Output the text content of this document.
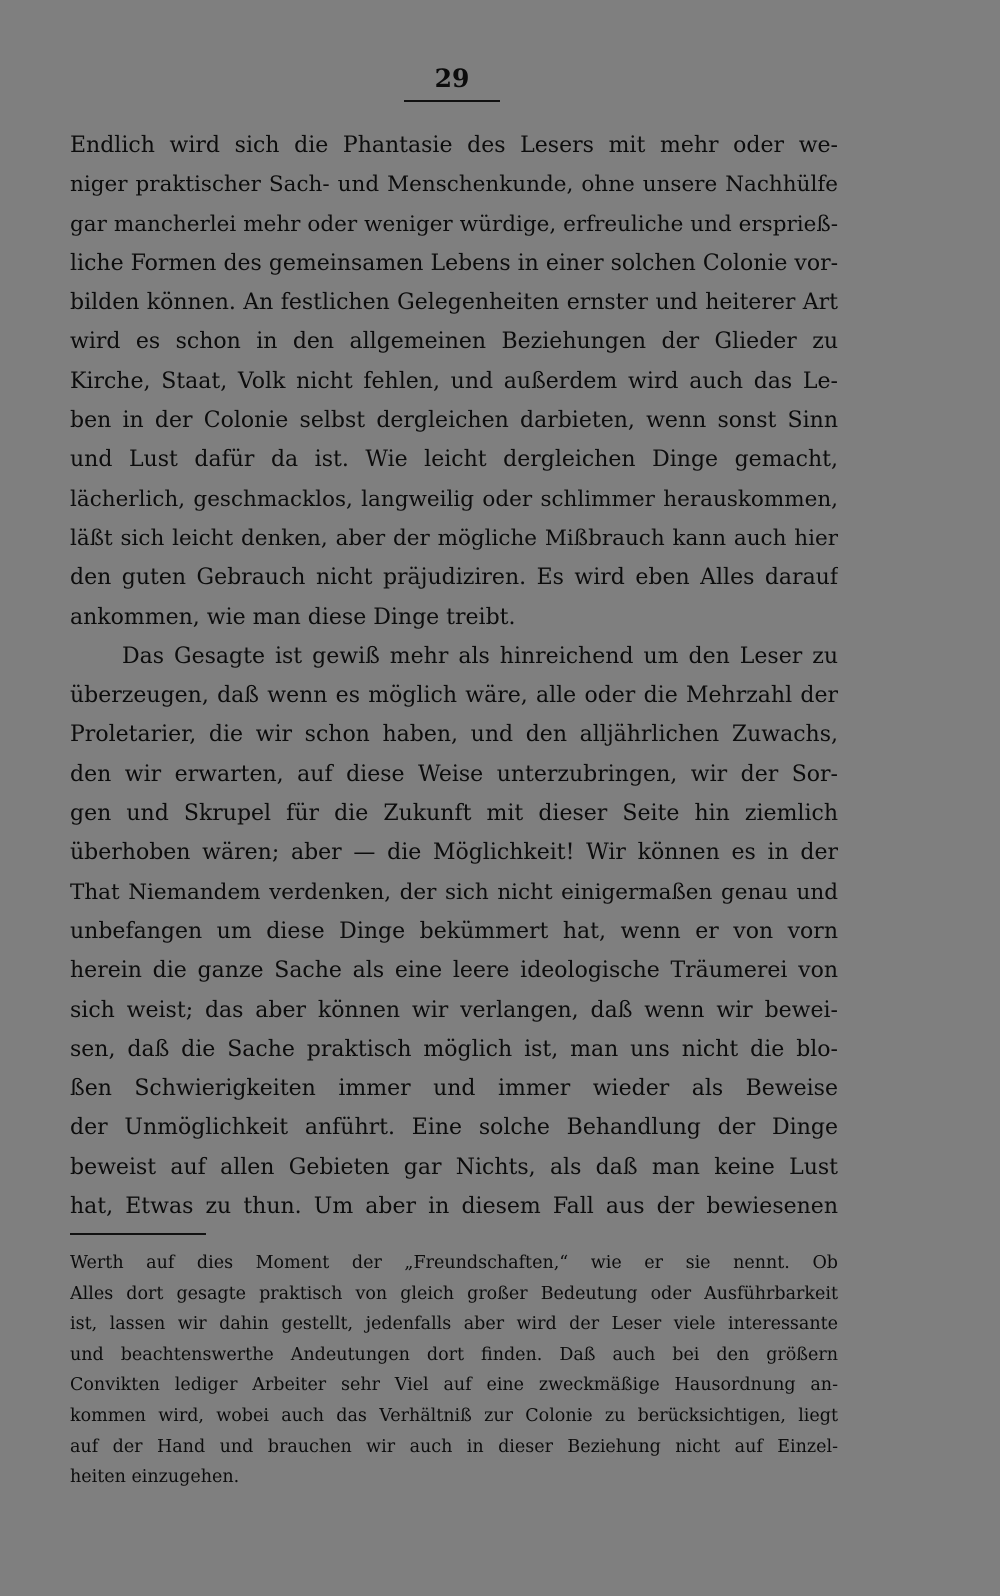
29
Endlich wird sich die Phantasie des Lesers mit mehr oder we-
niger praktischer Sach- und Menschenkunde, ohne unsere Nachhülfe
gar mancherlei mehr oder weniger würdige, erfreuliche und ersprieß-
liche Formen des gemeinsamen Lebens in einer solchen Colonie vor-
bilden können. An festlichen Gelegenheiten ernster und heiterer Art
wird es schon in den allgemeinen Beziehungen der Glieder zu
Kirche, Staat, Volk nicht fehlen, und außerdem wird auch das Le-
ben in der Colonie selbst dergleichen darbieten, wenn sonst Sinn
und Lust dafür da ist. Wie leicht dergleichen Dinge gemacht,
lächerlich, geschmacklos, langweilig oder schlimmer herauskommen,
läßt sich leicht denken, aber der mögliche Mißbrauch kann auch hier
den guten Gebrauch nicht präjudiziren. Es wird eben Alles darauf
ankommen, wie man diese Dinge treibt.
Das Gesagte ist gewiß mehr als hinreichend um den Leser zu
überzeugen, daß wenn es möglich wäre, alle oder die Mehrzahl der
Proletarier, die wir schon haben, und den alljährlichen Zuwachs,
den wir erwarten, auf diese Weise unterzubringen, wir der Sor-
gen und Skrupel für die Zukunft mit dieser Seite hin ziemlich
überhoben wären; aber — die Möglichkeit! Wir können es in der
That Niemandem verdenken, der sich nicht einigermaßen genau und
unbefangen um diese Dinge bekümmert hat, wenn er von vorn
herein die ganze Sache als eine leere ideologische Träumerei von
sich weist; das aber können wir verlangen, daß wenn wir bewei-
sen, daß die Sache praktisch möglich ist, man uns nicht die blo-
ßen Schwierigkeiten immer und immer wieder als Beweise
der Unmöglichkeit anführt. Eine solche Behandlung der Dinge
beweist auf allen Gebieten gar Nichts, als daß man keine Lust
hat, Etwas zu thun. Um aber in diesem Fall aus der bewiesenen
Werth auf dies Moment der „Freundschaften,“ wie er sie nennt. Ob
Alles dort gesagte praktisch von gleich großer Bedeutung oder Ausführbarkeit
ist, lassen wir dahin gestellt, jedenfalls aber wird der Leser viele interessante
und beachtenswerthe Andeutungen dort finden. Daß auch bei den größern
Convikten lediger Arbeiter sehr Viel auf eine zweckmäßige Hausordnung an-
kommen wird, wobei auch das Verhältniß zur Colonie zu berücksichtigen, liegt
auf der Hand und brauchen wir auch in dieser Beziehung nicht auf Einzel-
heiten einzugehen.
